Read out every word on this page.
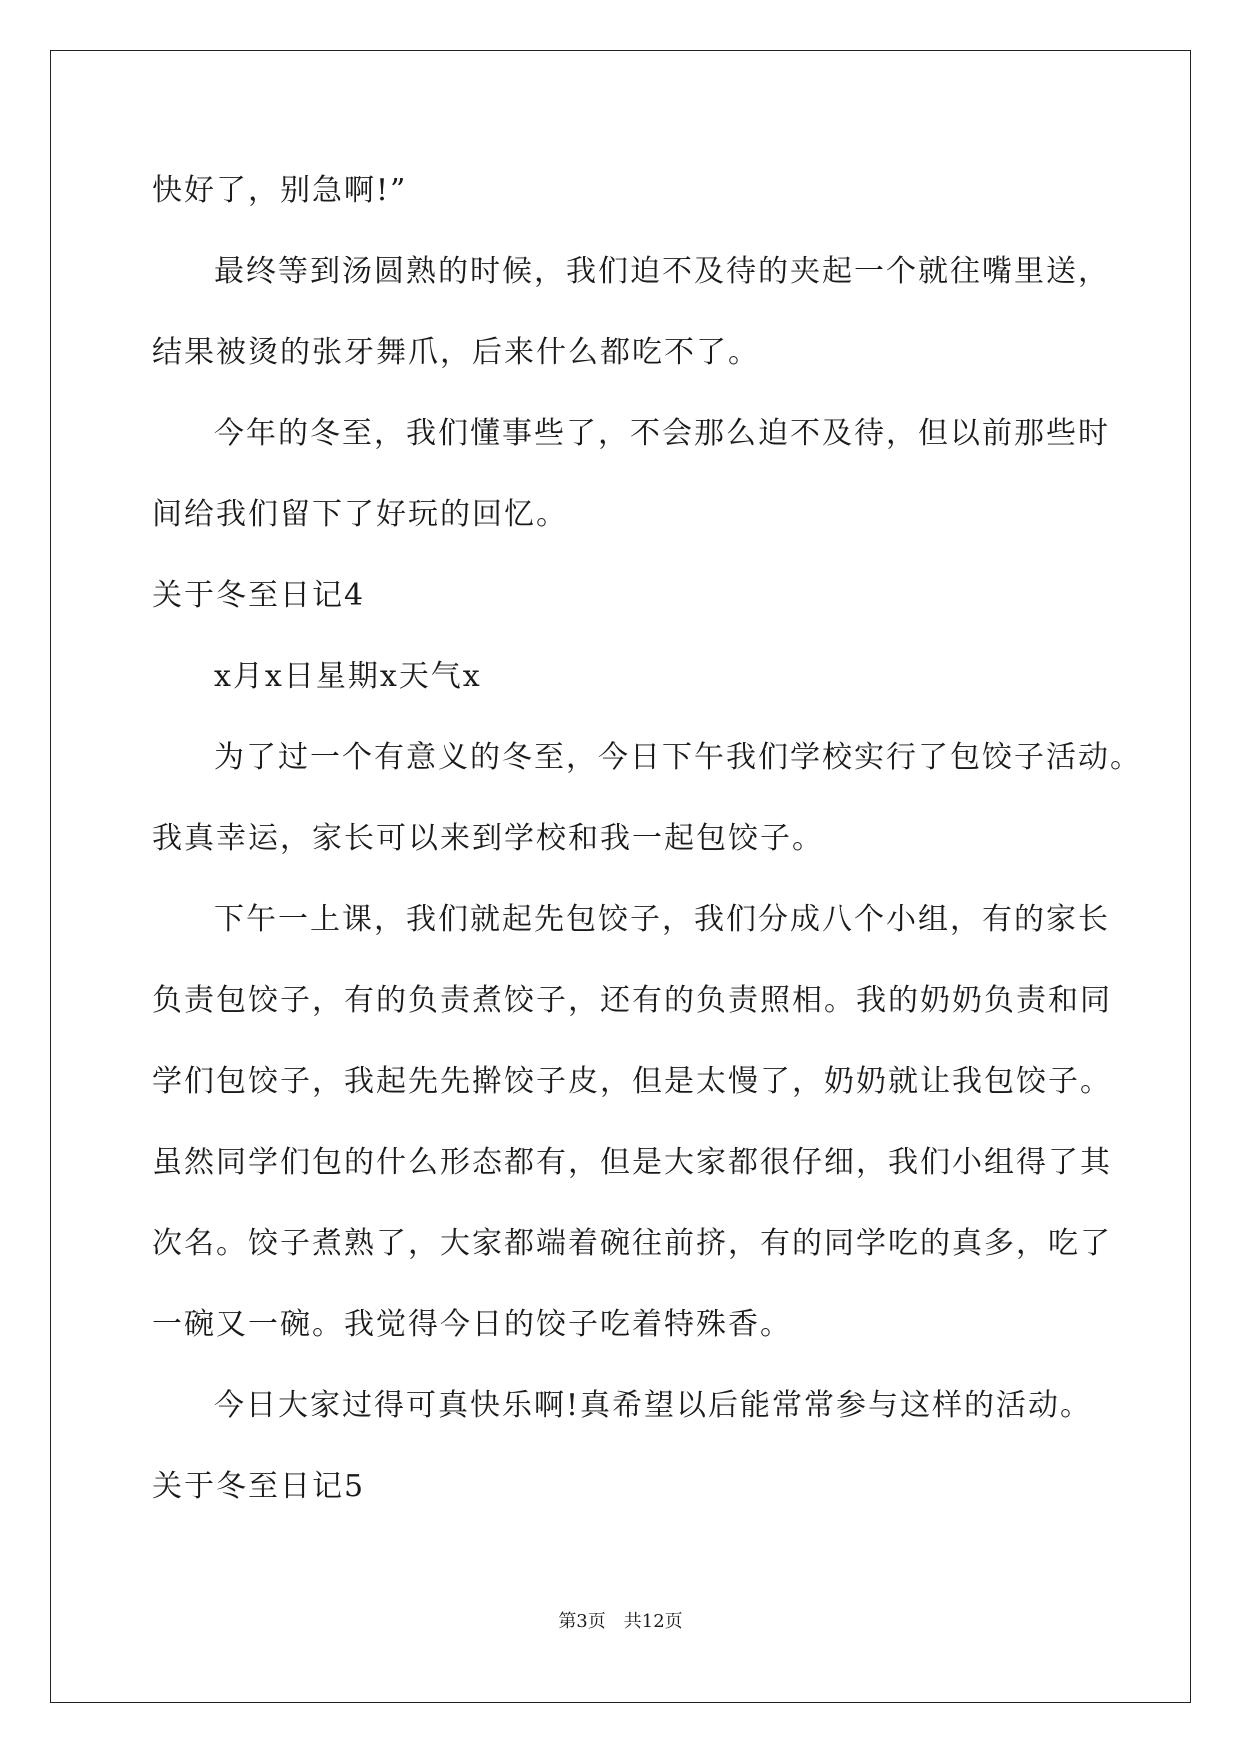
快好了，别急啊!”
最终等到汤圆熟的时候，我们迫不及待的夹起一个就往嘴里送，
结果被烫的张牙舞爪，后来什么都吃不了。
今年的冬至，我们懂事些了，不会那么迫不及待，但以前那些时
间给我们留下了好玩的回忆。
关于冬至日记4
x月x日星期x天气x
为了过一个有意义的冬至，今日下午我们学校实行了包饺子活动。
我真幸运，家长可以来到学校和我一起包饺子。
下午一上课，我们就起先包饺子，我们分成八个小组，有的家长
负责包饺子，有的负责煮饺子，还有的负责照相。我的奶奶负责和同
学们包饺子，我起先先擀饺子皮，但是太慢了，奶奶就让我包饺子。
虽然同学们包的什么形态都有，但是大家都很仔细，我们小组得了其
次名。饺子煮熟了，大家都端着碗往前挤，有的同学吃的真多，吃了
一碗又一碗。我觉得今日的饺子吃着特殊香。
今日大家过得可真快乐啊!真希望以后能常常参与这样的活动。
关于冬至日记5
第3页 共12页
